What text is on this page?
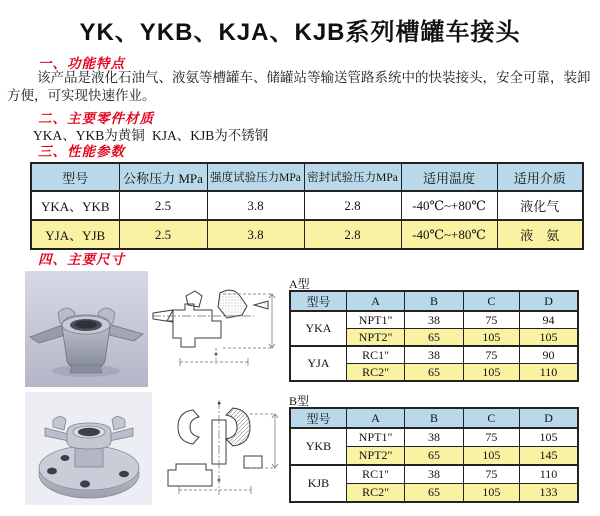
YK、YKB、KJA、KJB系列槽罐车接头
一、功能特点
该产品是液化石油气、液氨等槽罐车、储罐站等输送管路系统中的快装接头，安全可靠，装卸方便，可实现快速作业。
二、主要零件材质
YKA、YKB为黄铜 KJA、KJB为不锈钢
三、性能参数
型号	公称压力 MPa	强度试验压力MPa	密封试验压力MPa	适用温度	适用介质
YKA、YKB	2.5	3.8	2.8	-40℃~+80℃	液化气
YJA、YJB	2.5	3.8	2.8	-40℃~+80℃	液　氨
四、主要尺寸
A型
型号	A	B	C	D
YKA	NPT1"	38	75	94
	NPT2"	65	105	105
YJA	RC1"	38	75	90
	RC2"	65	105	110
B型
型号	A	B	C	D
YKB	NPT1"	38	75	105
	NPT2"	65	105	145
KJB	RC1"	38	75	110
	RC2"	65	105	133
